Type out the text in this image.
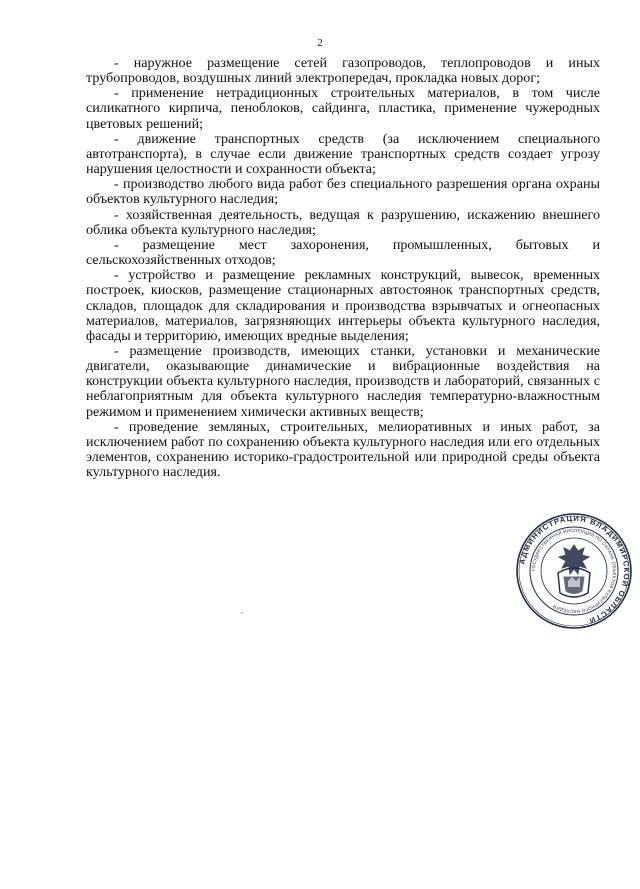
2

- наружное размещение сетей газопроводов, теплопроводов и иных трубопроводов, воздушных линий электропередач, прокладка новых дорог;

- применение нетрадиционных строительных материалов, в том числе силикатного кирпича, пеноблоков, сайдинга, пластика, применение чужеродных цветовых решений;

- движение транспортных средств (за исключением специального автотранспорта), в случае если движение транспортных средств создает угрозу нарушения целостности и сохранности объекта;

- производство любого вида работ без специального разрешения органа охраны объектов культурного наследия;

- хозяйственная деятельность, ведущая к разрушению, искажению внешнего облика объекта культурного наследия;

- размещение мест захоронения, промышленных, бытовых и сельскохозяйственных отходов;

- устройство и размещение рекламных конструкций, вывесок, временных построек, киосков, размещение стационарных автостоянок транспортных средств, складов, площадок для складирования и производства взрывчатых и огнеопасных материалов, материалов, загрязняющих интерьеры объекта культурного наследия, фасады и территорию, имеющих вредные выделения;

- размещение производств, имеющих станки, установки и механические двигатели, оказывающие динамические и вибрационные воздействия на конструкции объекта культурного наследия, производств и лабораторий, связанных с неблагоприятным для объекта культурного наследия температурно-влажностным режимом и применением химически активных веществ;

- проведение земляных, строительных, мелиоративных и иных работ, за исключением работ по сохранению объекта культурного наследия или его отдельных элементов, сохранению историко-градостроительной или природной среды объекта культурного наследия.

АДМИНИСТРАЦИЯ ВЛАДИМИРСКОЙ ОБЛАСТИ
ГОСУДАРСТВЕННАЯ ИНСПЕКЦИЯ ПО ОХРАНЕ ОБЪЕКТОВ КУЛЬТУРНОГО НАСЛЕДИЯ
